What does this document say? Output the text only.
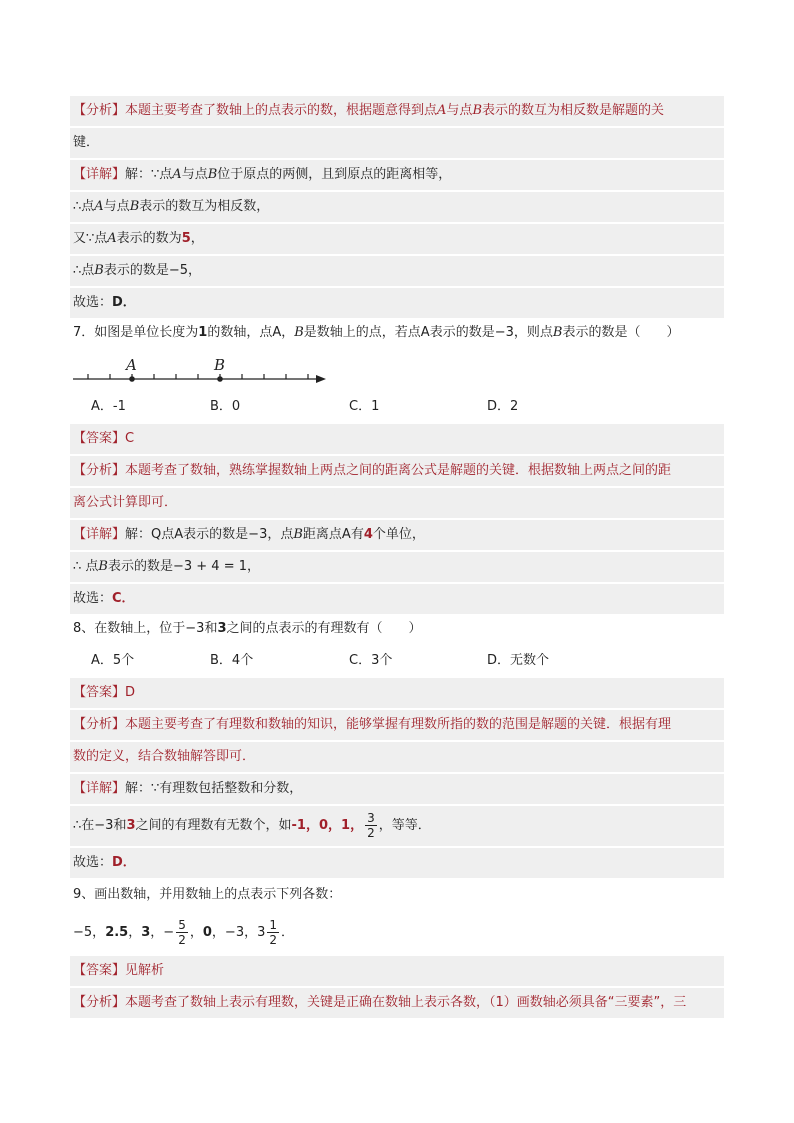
【分析】本题主要考查了数轴上的点表示的数，根据题意得到点A与点B表示的数互为相反数是解题的关
键．
【详解】解：∵点A与点B位于原点的两侧，且到原点的距离相等，
∴点A与点B表示的数互为相反数，
又∵点A表示的数为5，
∴点B表示的数是−5，
故选：D．
7．如图是单位长度为1的数轴，点A，B是数轴上的点，若点A表示的数是−3，则点B表示的数是（　　）
A	B
A．-1	B．0	C．1	D．2
【答案】C
【分析】本题考查了数轴，熟练掌握数轴上两点之间的距离公式是解题的关键．根据数轴上两点之间的距
离公式计算即可．
【详解】解：Q点A表示的数是−3，点B距离点A有4个单位，
∴ 点B表示的数是−3 + 4 = 1，
故选：C．
8、在数轴上，位于−3和3之间的点表示的有理数有（　　）
A．5个	B．4个	C．3个	D．无数个
【答案】D
【分析】本题主要考查了有理数和数轴的知识，能够掌握有理数所指的数的范围是解题的关键．根据有理
数的定义，结合数轴解答即可．
【详解】解：∵有理数包括整数和分数，
∴在−3和3之间的有理数有无数个，如-1，0，1， $\frac{3}{2}$ ，等等．
故选：D．
9、画出数轴，并用数轴上的点表示下列各数：
−5，2.5，3，− $\frac{5}{2}$ ，0，−3，$3 \frac{1}{2}$ ．
【答案】见解析
【分析】本题考查了数轴上表示有理数，关键是正确在数轴上表示各数，（1）画数轴必须具备“三要素”，三
